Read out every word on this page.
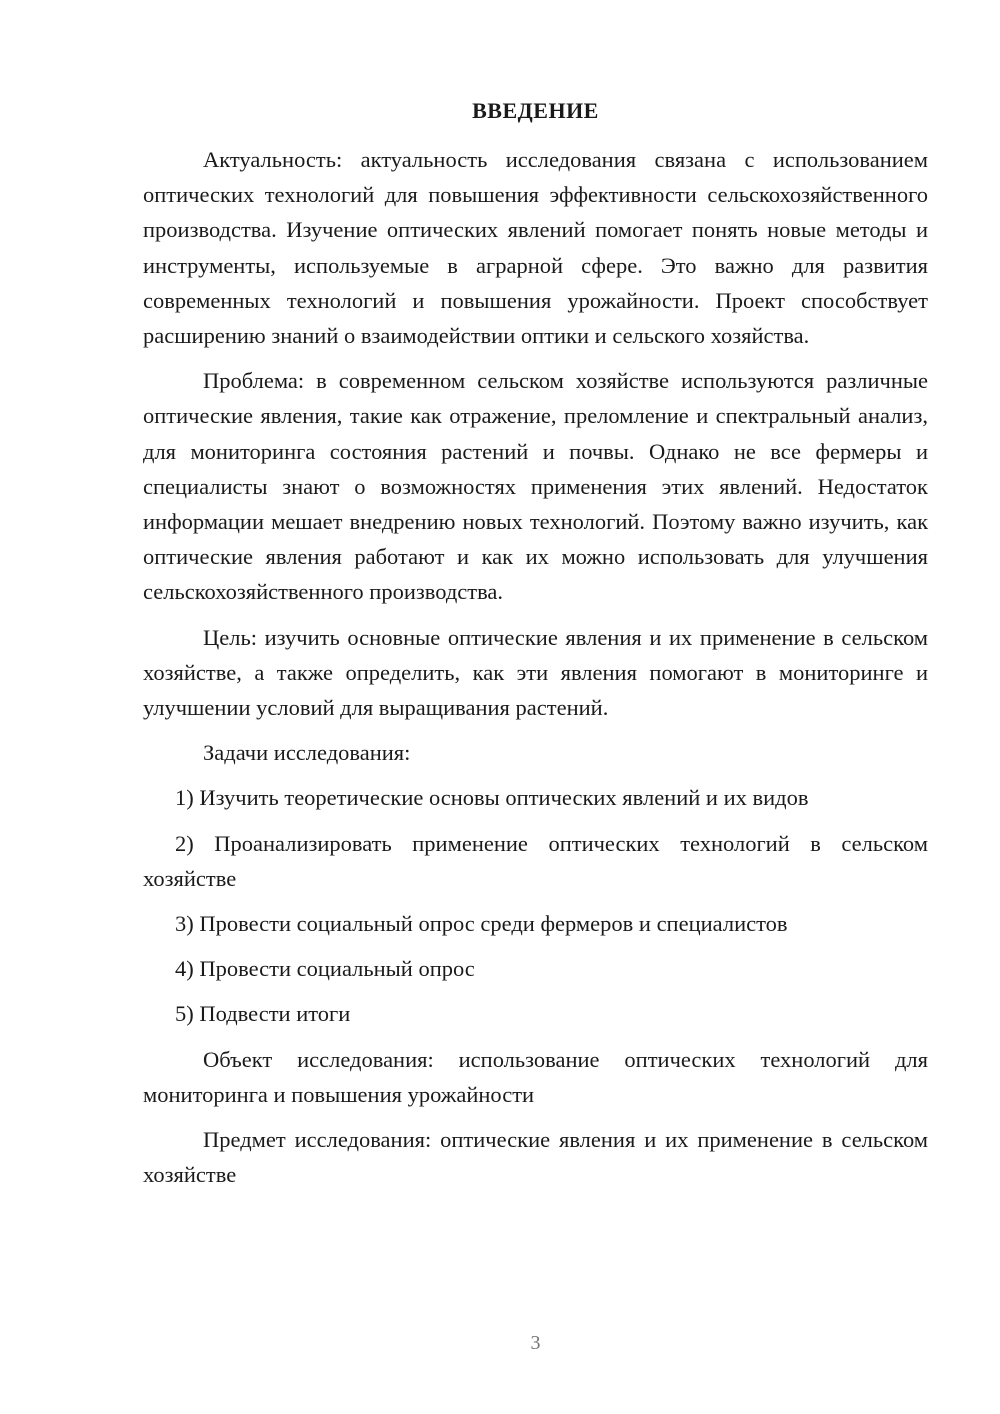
ВВЕДЕНИЕ

Актуальность: актуальность исследования связана с использованием оптических технологий для повышения эффективности сельскохозяйственного производства. Изучение оптических явлений помогает понять новые методы и инструменты, используемые в аграрной сфере. Это важно для развития современных технологий и повышения урожайности. Проект способствует расширению знаний о взаимодействии оптики и сельского хозяйства.

Проблема: в современном сельском хозяйстве используются различные оптические явления, такие как отражение, преломление и спектральный анализ, для мониторинга состояния растений и почвы. Однако не все фермеры и специалисты знают о возможностях применения этих явлений. Недостаток информации мешает внедрению новых технологий. Поэтому важно изучить, как оптические явления работают и как их можно использовать для улучшения сельскохозяйственного производства.

Цель: изучить основные оптические явления и их применение в сельском хозяйстве, а также определить, как эти явления помогают в мониторинге и улучшении условий для выращивания растений.

Задачи исследования:

1) Изучить теоретические основы оптических явлений и их видов

2) Проанализировать применение оптических технологий в сельском хозяйстве

3) Провести социальный опрос среди фермеров и специалистов

4) Провести социальный опрос

5) Подвести итоги

Объект исследования: использование оптических технологий для мониторинга и повышения урожайности

Предмет исследования: оптические явления и их применение в сельском хозяйстве

3
